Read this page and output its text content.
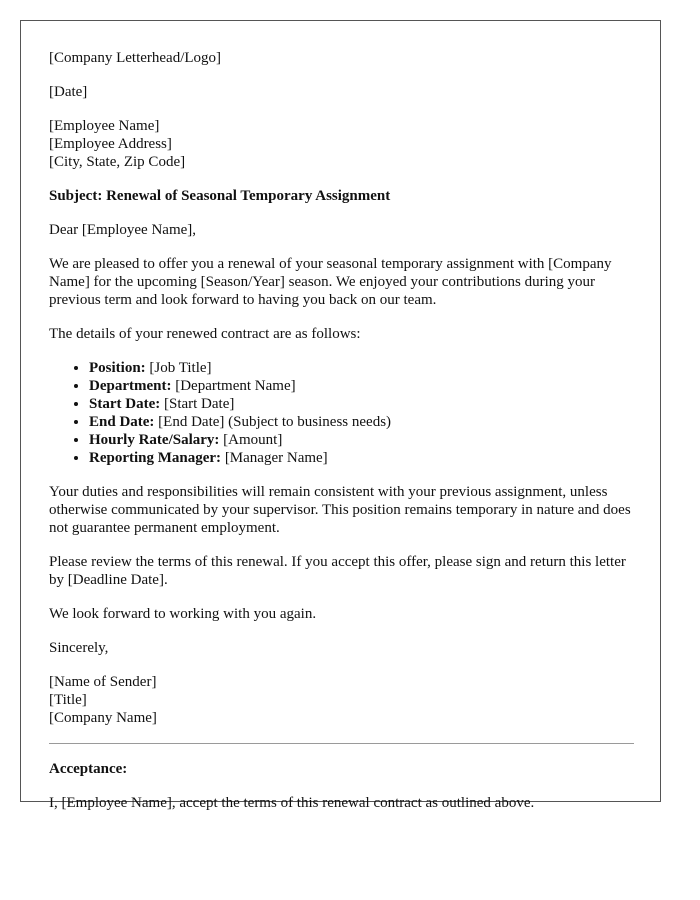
[Company Letterhead/Logo]

[Date]

[Employee Name]
[Employee Address]
[City, State, Zip Code]

Subject: Renewal of Seasonal Temporary Assignment

Dear [Employee Name],

We are pleased to offer you a renewal of your seasonal temporary assignment with [Company Name] for the upcoming [Season/Year] season. We enjoyed your contributions during your previous term and look forward to having you back on our team.

The details of your renewed contract are as follows:

• Position: [Job Title]
• Department: [Department Name]
• Start Date: [Start Date]
• End Date: [End Date] (Subject to business needs)
• Hourly Rate/Salary: [Amount]
• Reporting Manager: [Manager Name]

Your duties and responsibilities will remain consistent with your previous assignment, unless otherwise communicated by your supervisor. This position remains temporary in nature and does not guarantee permanent employment.

Please review the terms of this renewal. If you accept this offer, please sign and return this letter by [Deadline Date].

We look forward to working with you again.

Sincerely,

[Name of Sender]
[Title]
[Company Name]

Acceptance:

I, [Employee Name], accept the terms of this renewal contract as outlined above.
